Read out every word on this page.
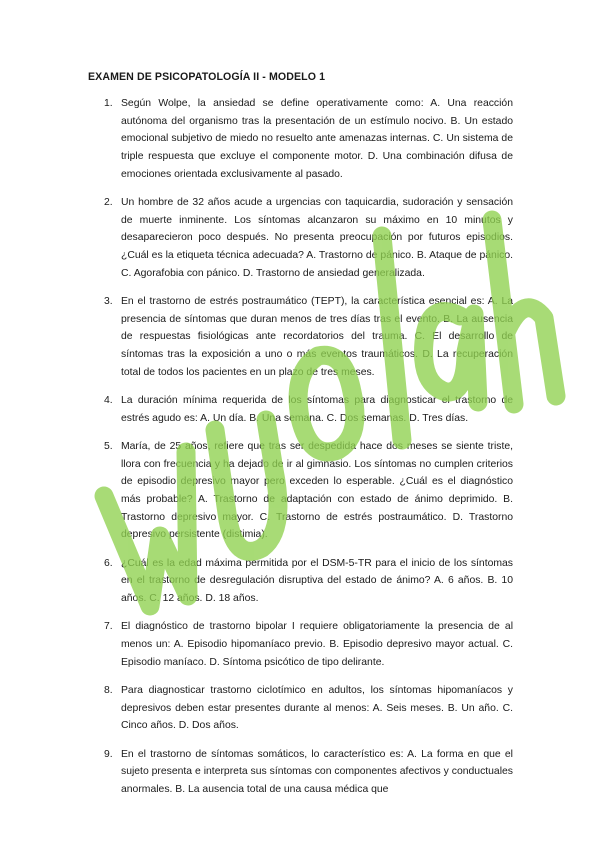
EXAMEN DE PSICOPATOLOGÍA II - MODELO 1
1. Según Wolpe, la ansiedad se define operativamente como: A. Una reacción autónoma del organismo tras la presentación de un estímulo nocivo. B. Un estado emocional subjetivo de miedo no resuelto ante amenazas internas. C. Un sistema de triple respuesta que excluye el componente motor. D. Una combinación difusa de emociones orientada exclusivamente al pasado.
2. Un hombre de 32 años acude a urgencias con taquicardia, sudoración y sensación de muerte inminente. Los síntomas alcanzaron su máximo en 10 minutos y desaparecieron poco después. No presenta preocupación por futuros episodios. ¿Cuál es la etiqueta técnica adecuada? A. Trastorno de pánico. B. Ataque de pánico. C. Agorafobia con pánico. D. Trastorno de ansiedad generalizada.
3. En el trastorno de estrés postraumático (TEPT), la característica esencial es: A. La presencia de síntomas que duran menos de tres días tras el evento. B. La ausencia de respuestas fisiológicas ante recordatorios del trauma. C. El desarrollo de síntomas tras la exposición a uno o más eventos traumáticos. D. La recuperación total de todos los pacientes en un plazo de tres meses.
4. La duración mínima requerida de los síntomas para diagnosticar el trastorno de estrés agudo es: A. Un día. B. Una semana. C. Dos semanas. D. Tres días.
5. María, de 25 años, refiere que tras ser despedida hace dos meses se siente triste, llora con frecuencia y ha dejado de ir al gimnasio. Los síntomas no cumplen criterios de episodio depresivo mayor pero exceden lo esperable. ¿Cuál es el diagnóstico más probable? A. Trastorno de adaptación con estado de ánimo deprimido. B. Trastorno depresivo mayor. C. Trastorno de estrés postraumático. D. Trastorno depresivo persistente (distimia).
6. ¿Cuál es la edad máxima permitida por el DSM-5-TR para el inicio de los síntomas en el trastorno de desregulación disruptiva del estado de ánimo? A. 6 años. B. 10 años. C. 12 años. D. 18 años.
7. El diagnóstico de trastorno bipolar I requiere obligatoriamente la presencia de al menos un: A. Episodio hipomaníaco previo. B. Episodio depresivo mayor actual. C. Episodio maníaco. D. Síntoma psicótico de tipo delirante.
8. Para diagnosticar trastorno ciclotímico en adultos, los síntomas hipomaníacos y depresivos deben estar presentes durante al menos: A. Seis meses. B. Un año. C. Cinco años. D. Dos años.
9. En el trastorno de síntomas somáticos, lo característico es: A. La forma en que el sujeto presenta e interpreta sus síntomas con componentes afectivos y conductuales anormales. B. La ausencia total de una causa médica que
